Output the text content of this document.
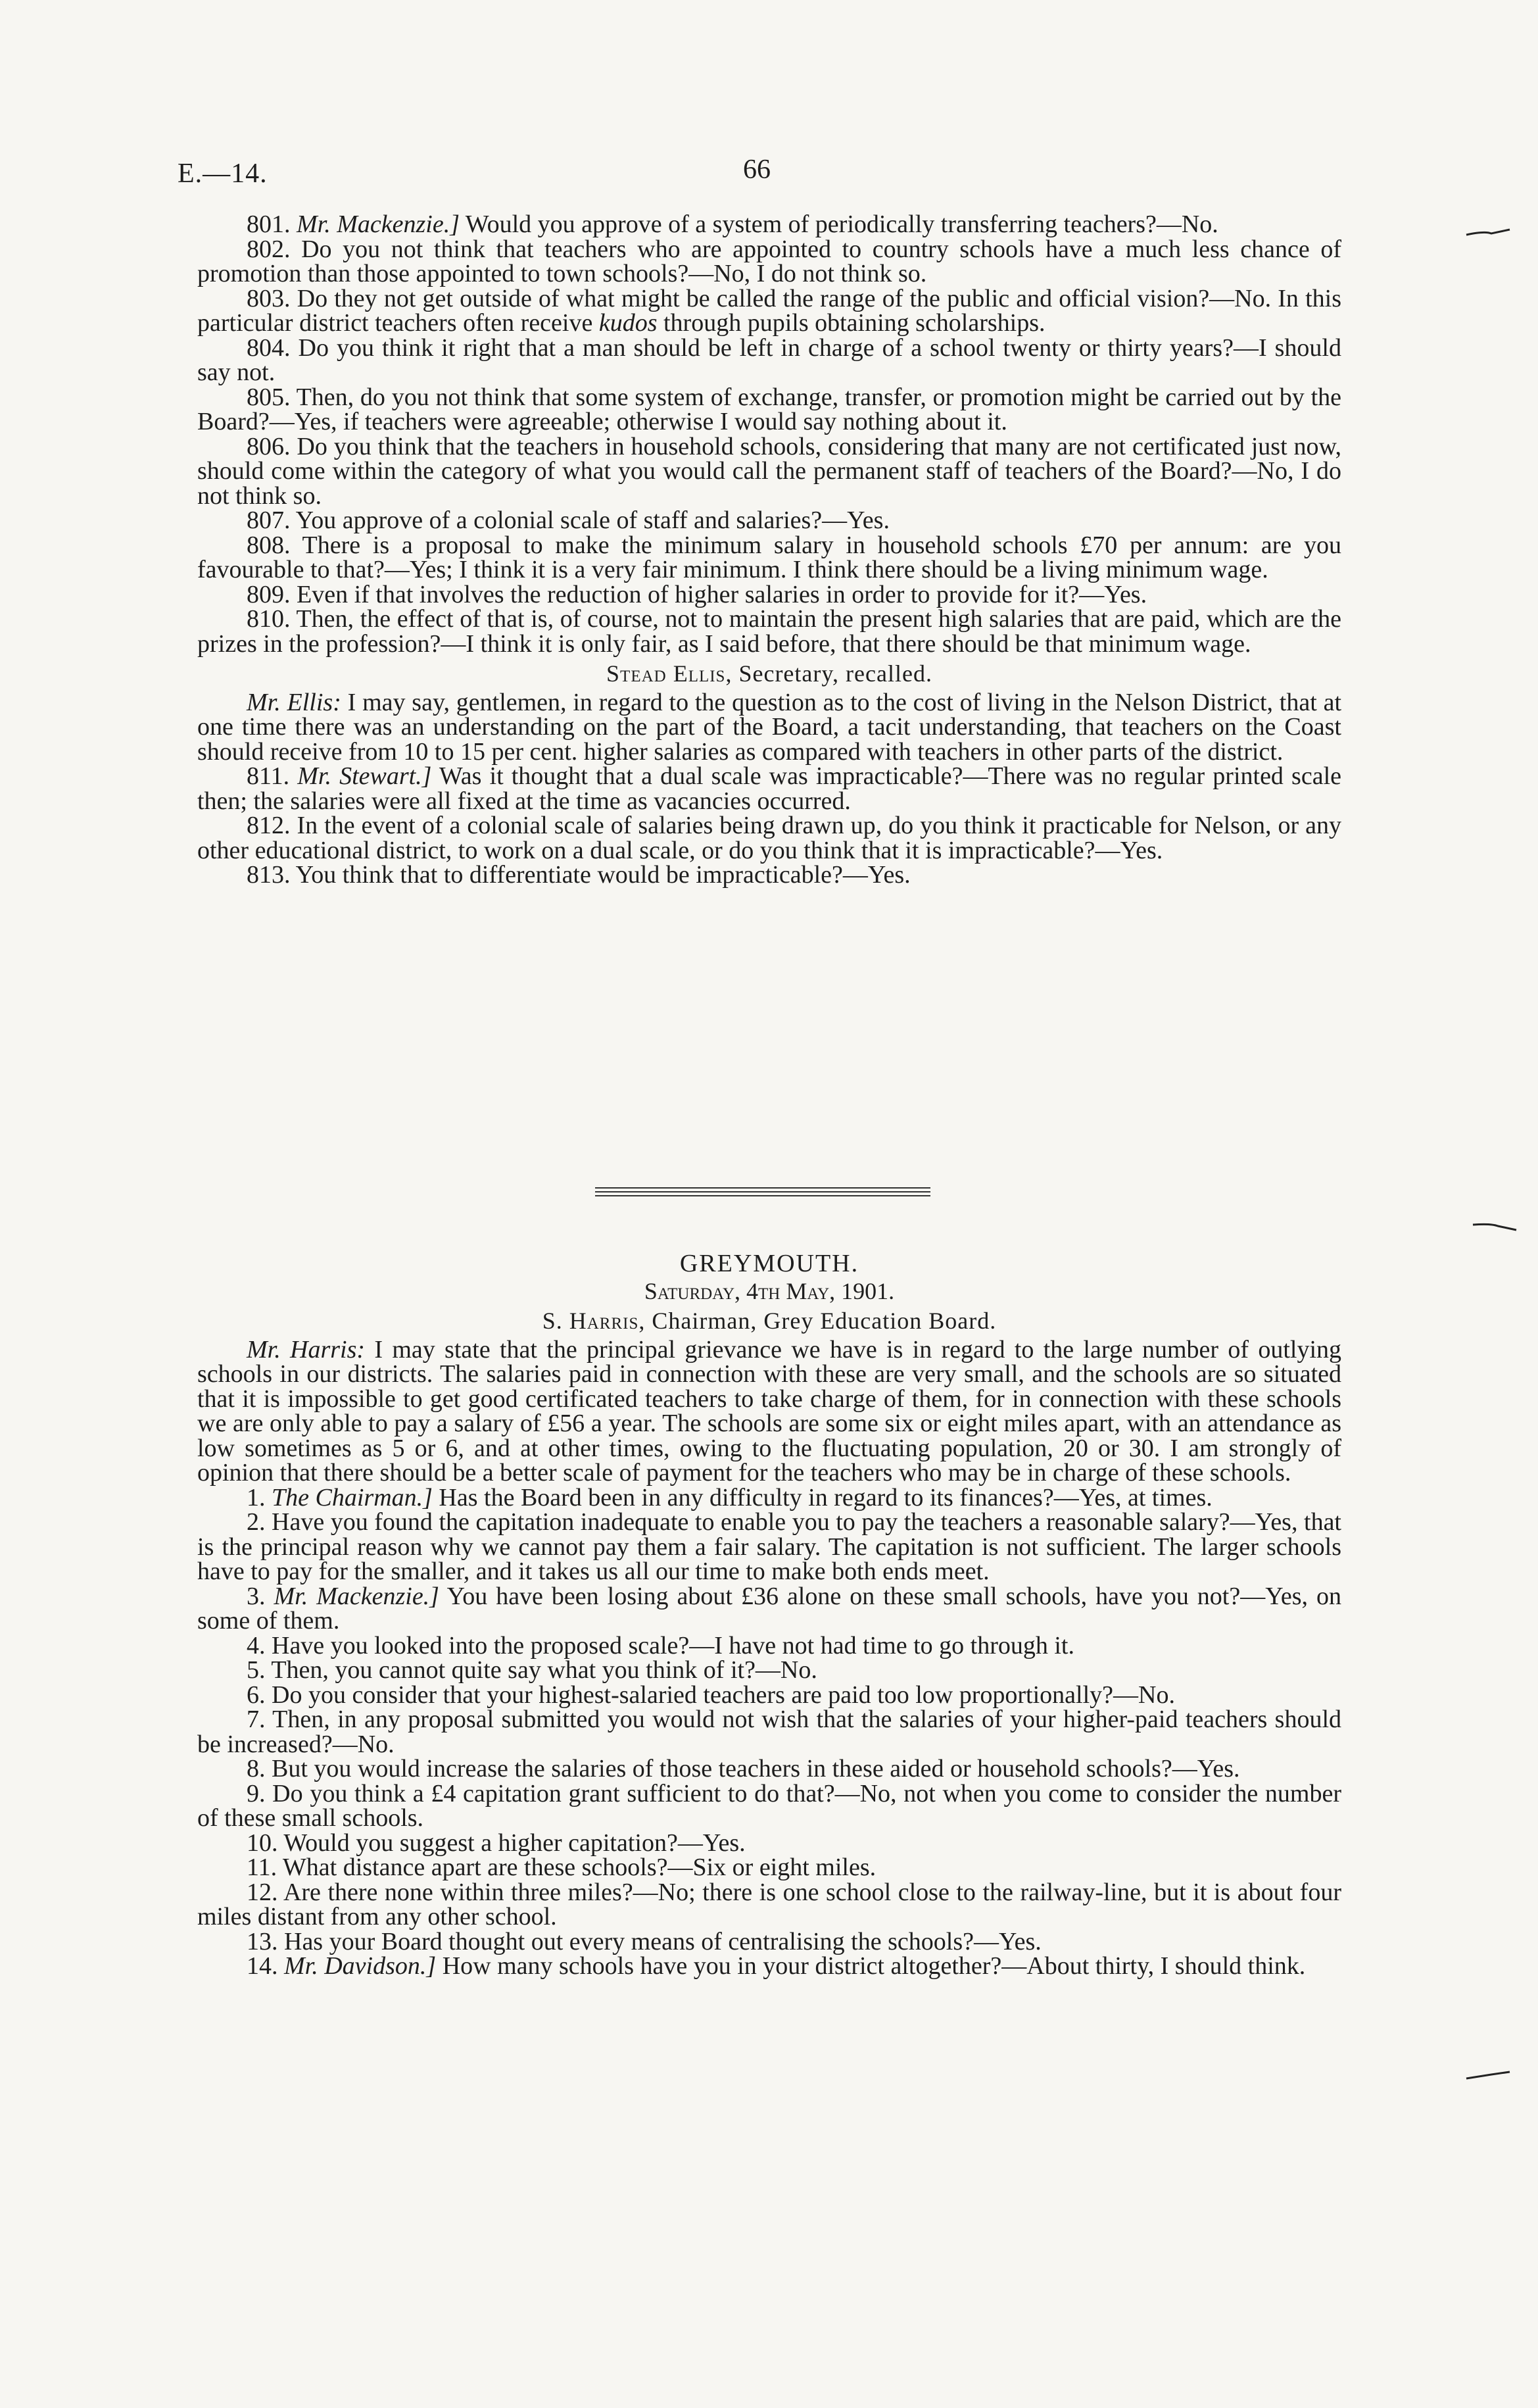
E.—14.	66

801. Mr. Mackenzie.] Would you approve of a system of periodically transferring teachers?—No.

802. Do you not think that teachers who are appointed to country schools have a much less chance of promotion than those appointed to town schools?—No, I do not think so.

803. Do they not get outside of what might be called the range of the public and official vision?—No. In this particular district teachers often receive kudos through pupils obtaining scholarships.

804. Do you think it right that a man should be left in charge of a school twenty or thirty years?—I should say not.

805. Then, do you not think that some system of exchange, transfer, or promotion might be carried out by the Board?—Yes, if teachers were agreeable; otherwise I would say nothing about it.

806. Do you think that the teachers in household schools, considering that many are not certificated just now, should come within the category of what you would call the permanent staff of teachers of the Board?—No, I do not think so.

807. You approve of a colonial scale of staff and salaries?—Yes.

808. There is a proposal to make the minimum salary in household schools £70 per annum: are you favourable to that?—Yes; I think it is a very fair minimum. I think there should be a living minimum wage.

809. Even if that involves the reduction of higher salaries in order to provide for it?—Yes.

810. Then, the effect of that is, of course, not to maintain the present high salaries that are paid, which are the prizes in the profession?—I think it is only fair, as I said before, that there should be that minimum wage.

Stead Ellis, Secretary, recalled.

Mr. Ellis: I may say, gentlemen, in regard to the question as to the cost of living in the Nelson District, that at one time there was an understanding on the part of the Board, a tacit understanding, that teachers on the Coast should receive from 10 to 15 per cent. higher salaries as compared with teachers in other parts of the district.

811. Mr. Stewart.] Was it thought that a dual scale was impracticable?—There was no regular printed scale then; the salaries were all fixed at the time as vacancies occurred.

812. In the event of a colonial scale of salaries being drawn up, do you think it practicable for Nelson, or any other educational district, to work on a dual scale, or do you think that it is impracticable?—Yes.

813. You think that to differentiate would be impracticable?—Yes.

GREYMOUTH.

Saturday, 4th May, 1901.

S. Harris, Chairman, Grey Education Board.

Mr. Harris: I may state that the principal grievance we have is in regard to the large number of outlying schools in our districts. The salaries paid in connection with these are very small, and the schools are so situated that it is impossible to get good certificated teachers to take charge of them, for in connection with these schools we are only able to pay a salary of £56 a year. The schools are some six or eight miles apart, with an attendance as low sometimes as 5 or 6, and at other times, owing to the fluctuating population, 20 or 30. I am strongly of opinion that there should be a better scale of payment for the teachers who may be in charge of these schools.

1. The Chairman.] Has the Board been in any difficulty in regard to its finances?—Yes, at times.

2. Have you found the capitation inadequate to enable you to pay the teachers a reasonable salary?—Yes, that is the principal reason why we cannot pay them a fair salary. The capitation is not sufficient. The larger schools have to pay for the smaller, and it takes us all our time to make both ends meet.

3. Mr. Mackenzie.] You have been losing about £36 alone on these small schools, have you not?—Yes, on some of them.

4. Have you looked into the proposed scale?—I have not had time to go through it.

5. Then, you cannot quite say what you think of it?—No.

6. Do you consider that your highest-salaried teachers are paid too low proportionally?—No.

7. Then, in any proposal submitted you would not wish that the salaries of your higher-paid teachers should be increased?—No.

8. But you would increase the salaries of those teachers in these aided or household schools?—Yes.

9. Do you think a £4 capitation grant sufficient to do that?—No, not when you come to consider the number of these small schools.

10. Would you suggest a higher capitation?—Yes.

11. What distance apart are these schools?—Six or eight miles.

12. Are there none within three miles?—No; there is one school close to the railway-line, but it is about four miles distant from any other school.

13. Has your Board thought out every means of centralising the schools?—Yes.

14. Mr. Davidson.] How many schools have you in your district altogether?—About thirty, I should think.
